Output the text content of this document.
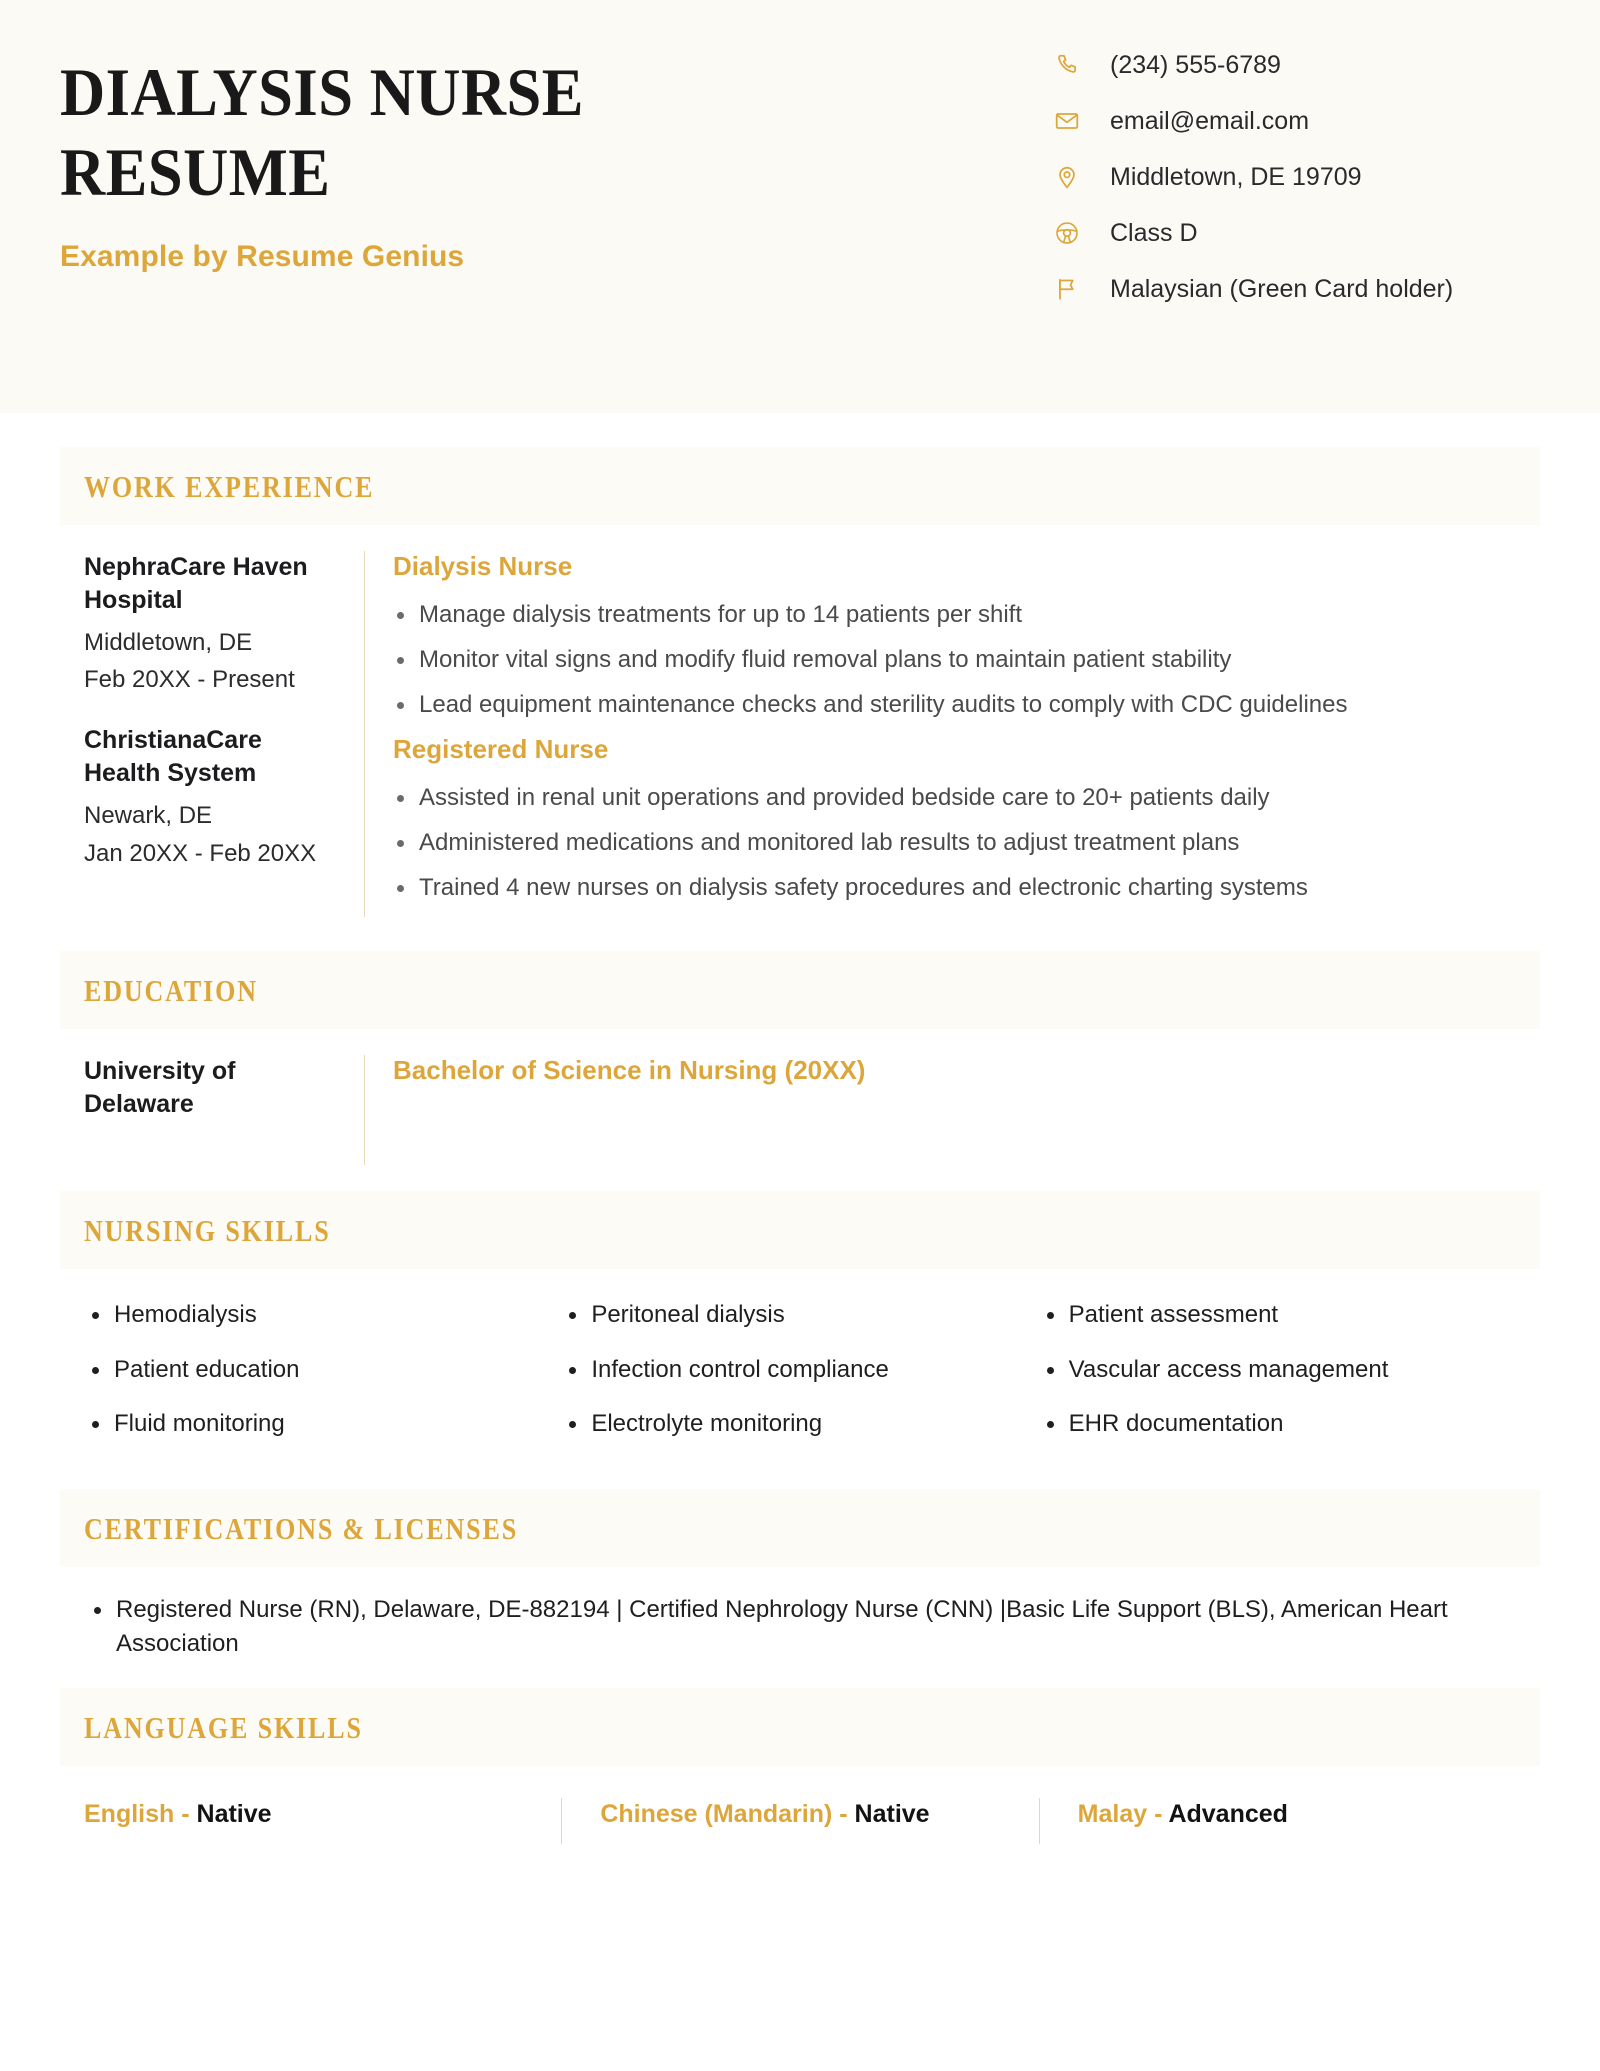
DIALYSIS NURSE RESUME
Example by Resume Genius
(234) 555-6789
email@email.com
Middletown, DE 19709
Class D
Malaysian (Green Card holder)
WORK EXPERIENCE
NephraCare Haven Hospital
Middletown, DE
Feb 20XX - Present
ChristianaCare Health System
Newark, DE
Jan 20XX - Feb 20XX
Dialysis Nurse
Manage dialysis treatments for up to 14 patients per shift
Monitor vital signs and modify fluid removal plans to maintain patient stability
Lead equipment maintenance checks and sterility audits to comply with CDC guidelines
Registered Nurse
Assisted in renal unit operations and provided bedside care to 20+ patients daily
Administered medications and monitored lab results to adjust treatment plans
Trained 4 new nurses on dialysis safety procedures and electronic charting systems
EDUCATION
University of Delaware
Bachelor of Science in Nursing (20XX)
NURSING SKILLS
Hemodialysis
Patient education
Fluid monitoring
Peritoneal dialysis
Infection control compliance
Electrolyte monitoring
Patient assessment
Vascular access management
EHR documentation
CERTIFICATIONS & LICENSES
Registered Nurse (RN), Delaware, DE-882194 | Certified Nephrology Nurse (CNN) |Basic Life Support (BLS), American Heart Association
LANGUAGE SKILLS
English - Native	Chinese (Mandarin) - Native	Malay - Advanced
